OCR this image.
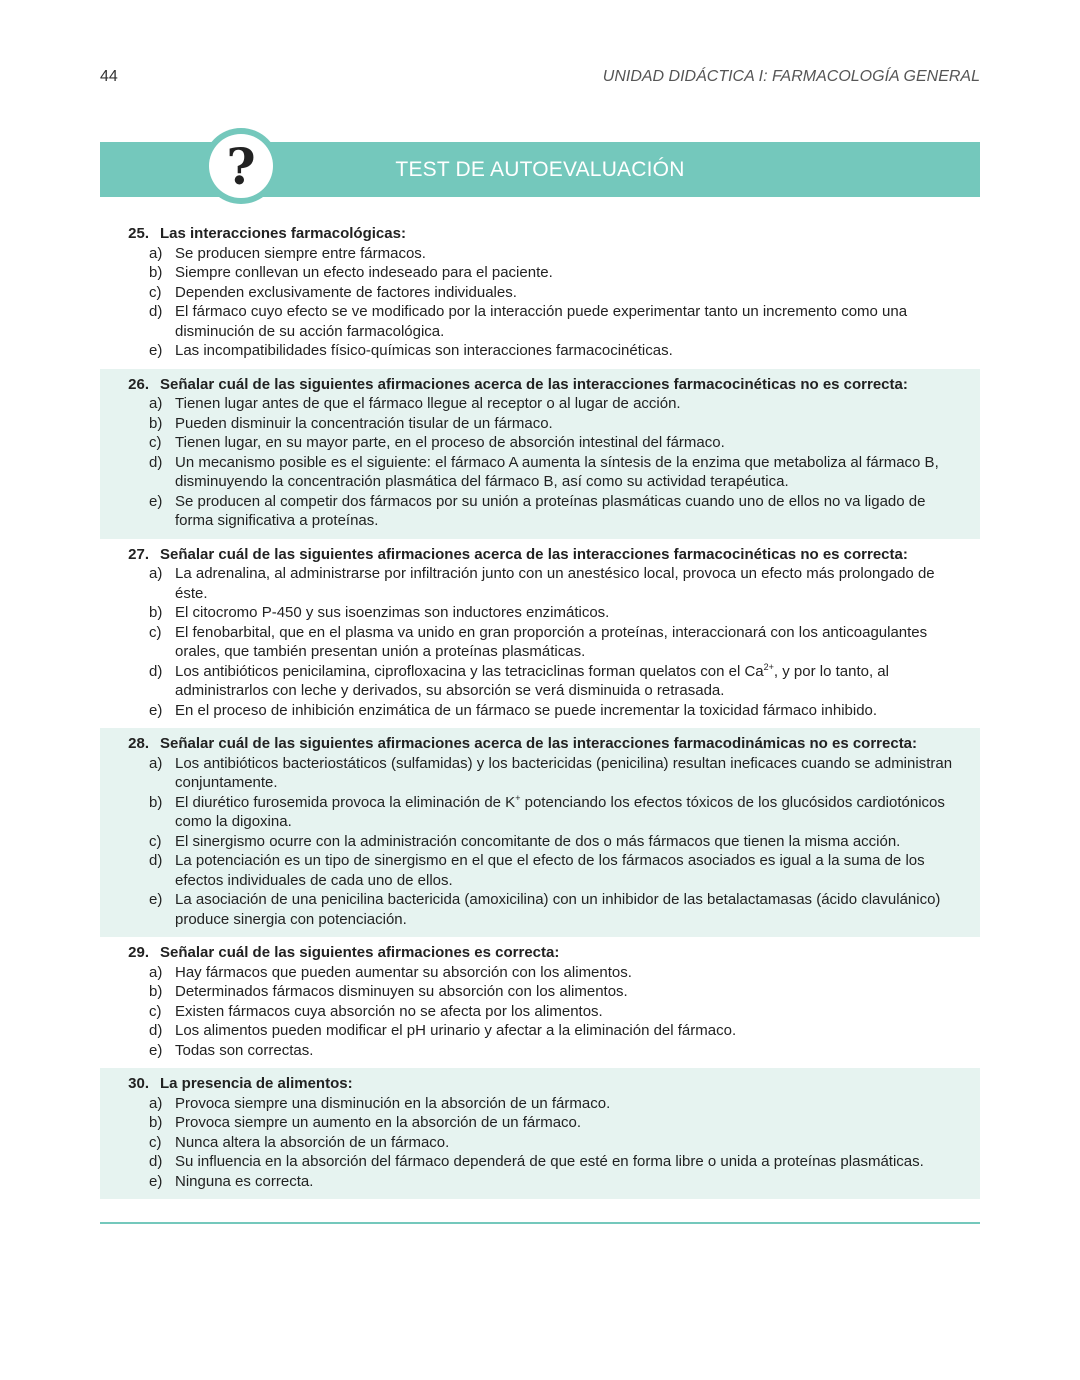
44	UNIDAD DIDÁCTICA I: FARMACOLOGÍA GENERAL
TEST DE AUTOEVALUACIÓN
?
25. Las interacciones farmacológicas:
a) Se producen siempre entre fármacos.
b) Siempre conllevan un efecto indeseado para el paciente.
c) Dependen exclusivamente de factores individuales.
d) El fármaco cuyo efecto se ve modificado por la interacción puede experimentar tanto un incremento como una disminución de su acción farmacológica.
e) Las incompatibilidades físico-químicas son interacciones farmacocinéticas.
26. Señalar cuál de las siguientes afirmaciones acerca de las interacciones farmacocinéticas no es correcta:
a) Tienen lugar antes de que el fármaco llegue al receptor o al lugar de acción.
b) Pueden disminuir la concentración tisular de un fármaco.
c) Tienen lugar, en su mayor parte, en el proceso de absorción intestinal del fármaco.
d) Un mecanismo posible es el siguiente: el fármaco A aumenta la síntesis de la enzima que metaboliza al fármaco B, disminuyendo la concentración plasmática del fármaco B, así como su actividad terapéutica.
e) Se producen al competir dos fármacos por su unión a proteínas plasmáticas cuando uno de ellos no va ligado de forma significativa a proteínas.
27. Señalar cuál de las siguientes afirmaciones acerca de las interacciones farmacocinéticas no es correcta:
a) La adrenalina, al administrarse por infiltración junto con un anestésico local, provoca un efecto más prolongado de éste.
b) El citocromo P-450 y sus isoenzimas son inductores enzimáticos.
c) El fenobarbital, que en el plasma va unido en gran proporción a proteínas, interaccionará con los anticoagulantes orales, que también presentan unión a proteínas plasmáticas.
d) Los antibióticos penicilamina, ciprofloxacina y las tetraciclinas forman quelatos con el $Ca^{2+}$, y por lo tanto, al administrarlos con leche y derivados, su absorción se verá disminuida o retrasada.
e) En el proceso de inhibición enzimática de un fármaco se puede incrementar la toxicidad fármaco inhibido.
28. Señalar cuál de las siguientes afirmaciones acerca de las interacciones farmacodinámicas no es correcta:
a) Los antibióticos bacteriostáticos (sulfamidas) y los bactericidas (penicilina) resultan ineficaces cuando se administran conjuntamente.
b) El diurético furosemida provoca la eliminación de K+ potenciando los efectos tóxicos de los glucósidos cardiotónicos como la digoxina.
c) El sinergismo ocurre con la administración concomitante de dos o más fármacos que tienen la misma acción.
d) La potenciación es un tipo de sinergismo en el que el efecto de los fármacos asociados es igual a la suma de los efectos individuales de cada uno de ellos.
e) La asociación de una penicilina bactericida (amoxicilina) con un inhibidor de las betalactamasas (ácido clavulánico) produce sinergia con potenciación.
29. Señalar cuál de las siguientes afirmaciones es correcta:
a) Hay fármacos que pueden aumentar su absorción con los alimentos.
b) Determinados fármacos disminuyen su absorción con los alimentos.
c) Existen fármacos cuya absorción no se afecta por los alimentos.
d) Los alimentos pueden modificar el pH urinario y afectar a la eliminación del fármaco.
e) Todas son correctas.
30. La presencia de alimentos:
a) Provoca siempre una disminución en la absorción de un fármaco.
b) Provoca siempre un aumento en la absorción de un fármaco.
c) Nunca altera la absorción de un fármaco.
d) Su influencia en la absorción del fármaco dependerá de que esté en forma libre o unida a proteínas plasmáticas.
e) Ninguna es correcta.
